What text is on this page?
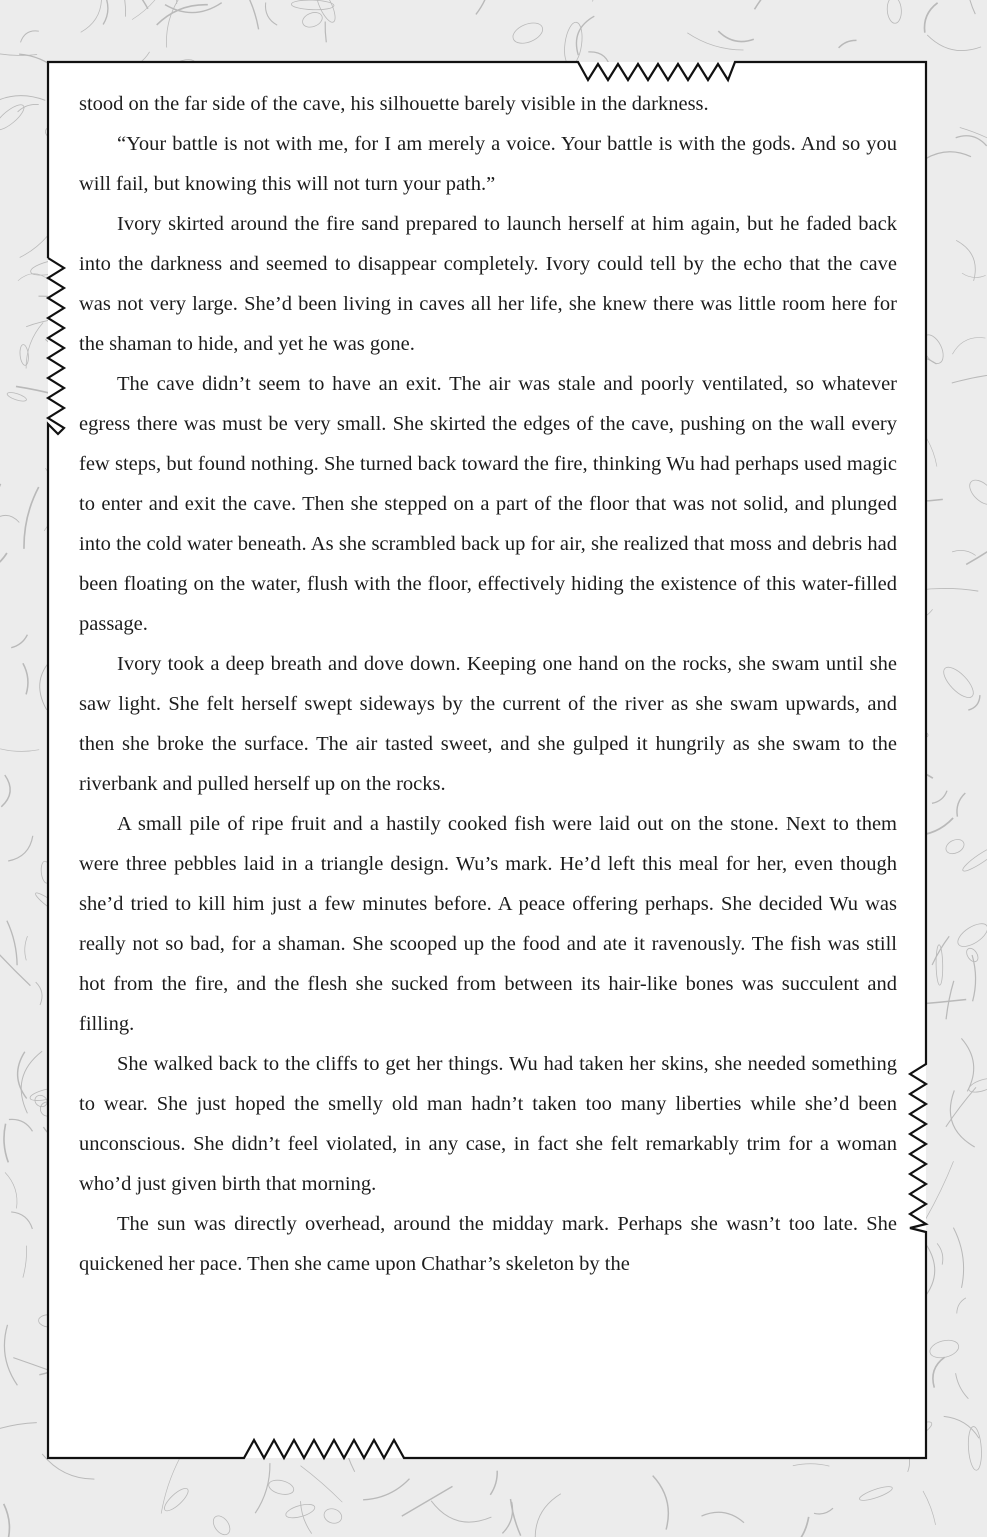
stood on the far side of the cave, his silhouette barely visible in the darkness.

“Your battle is not with me, for I am merely a voice. Your battle is with the gods. And so you will fail, but knowing this will not turn your path.”

Ivory skirted around the fire sand prepared to launch herself at him again, but he faded back into the darkness and seemed to disappear completely. Ivory could tell by the echo that the cave was not very large. She’d been living in caves all her life, she knew there was little room here for the shaman to hide, and yet he was gone.

The cave didn’t seem to have an exit. The air was stale and poorly ventilated, so whatever egress there was must be very small. She skirted the edges of the cave, pushing on the wall every few steps, but found nothing. She turned back toward the fire, thinking Wu had perhaps used magic to enter and exit the cave. Then she stepped on a part of the floor that was not solid, and plunged into the cold water beneath. As she scrambled back up for air, she realized that moss and debris had been floating on the water, flush with the floor, effectively hiding the existence of this water-filled passage.

Ivory took a deep breath and dove down. Keeping one hand on the rocks, she swam until she saw light. She felt herself swept sideways by the current of the river as she swam upwards, and then she broke the surface. The air tasted sweet, and she gulped it hungrily as she swam to the riverbank and pulled herself up on the rocks.

A small pile of ripe fruit and a hastily cooked fish were laid out on the stone. Next to them were three pebbles laid in a triangle design. Wu’s mark. He’d left this meal for her, even though she’d tried to kill him just a few minutes before. A peace offering perhaps. She decided Wu was really not so bad, for a shaman. She scooped up the food and ate it ravenously. The fish was still hot from the fire, and the flesh she sucked from between its hair-like bones was succulent and filling.

She walked back to the cliffs to get her things. Wu had taken her skins, she needed something to wear. She just hoped the smelly old man hadn’t taken too many liberties while she’d been unconscious. She didn’t feel violated, in any case, in fact she felt remarkably trim for a woman who’d just given birth that morning.

The sun was directly overhead, around the midday mark. Perhaps she wasn’t too late. She quickened her pace. Then she came upon Chathar’s skeleton by the
